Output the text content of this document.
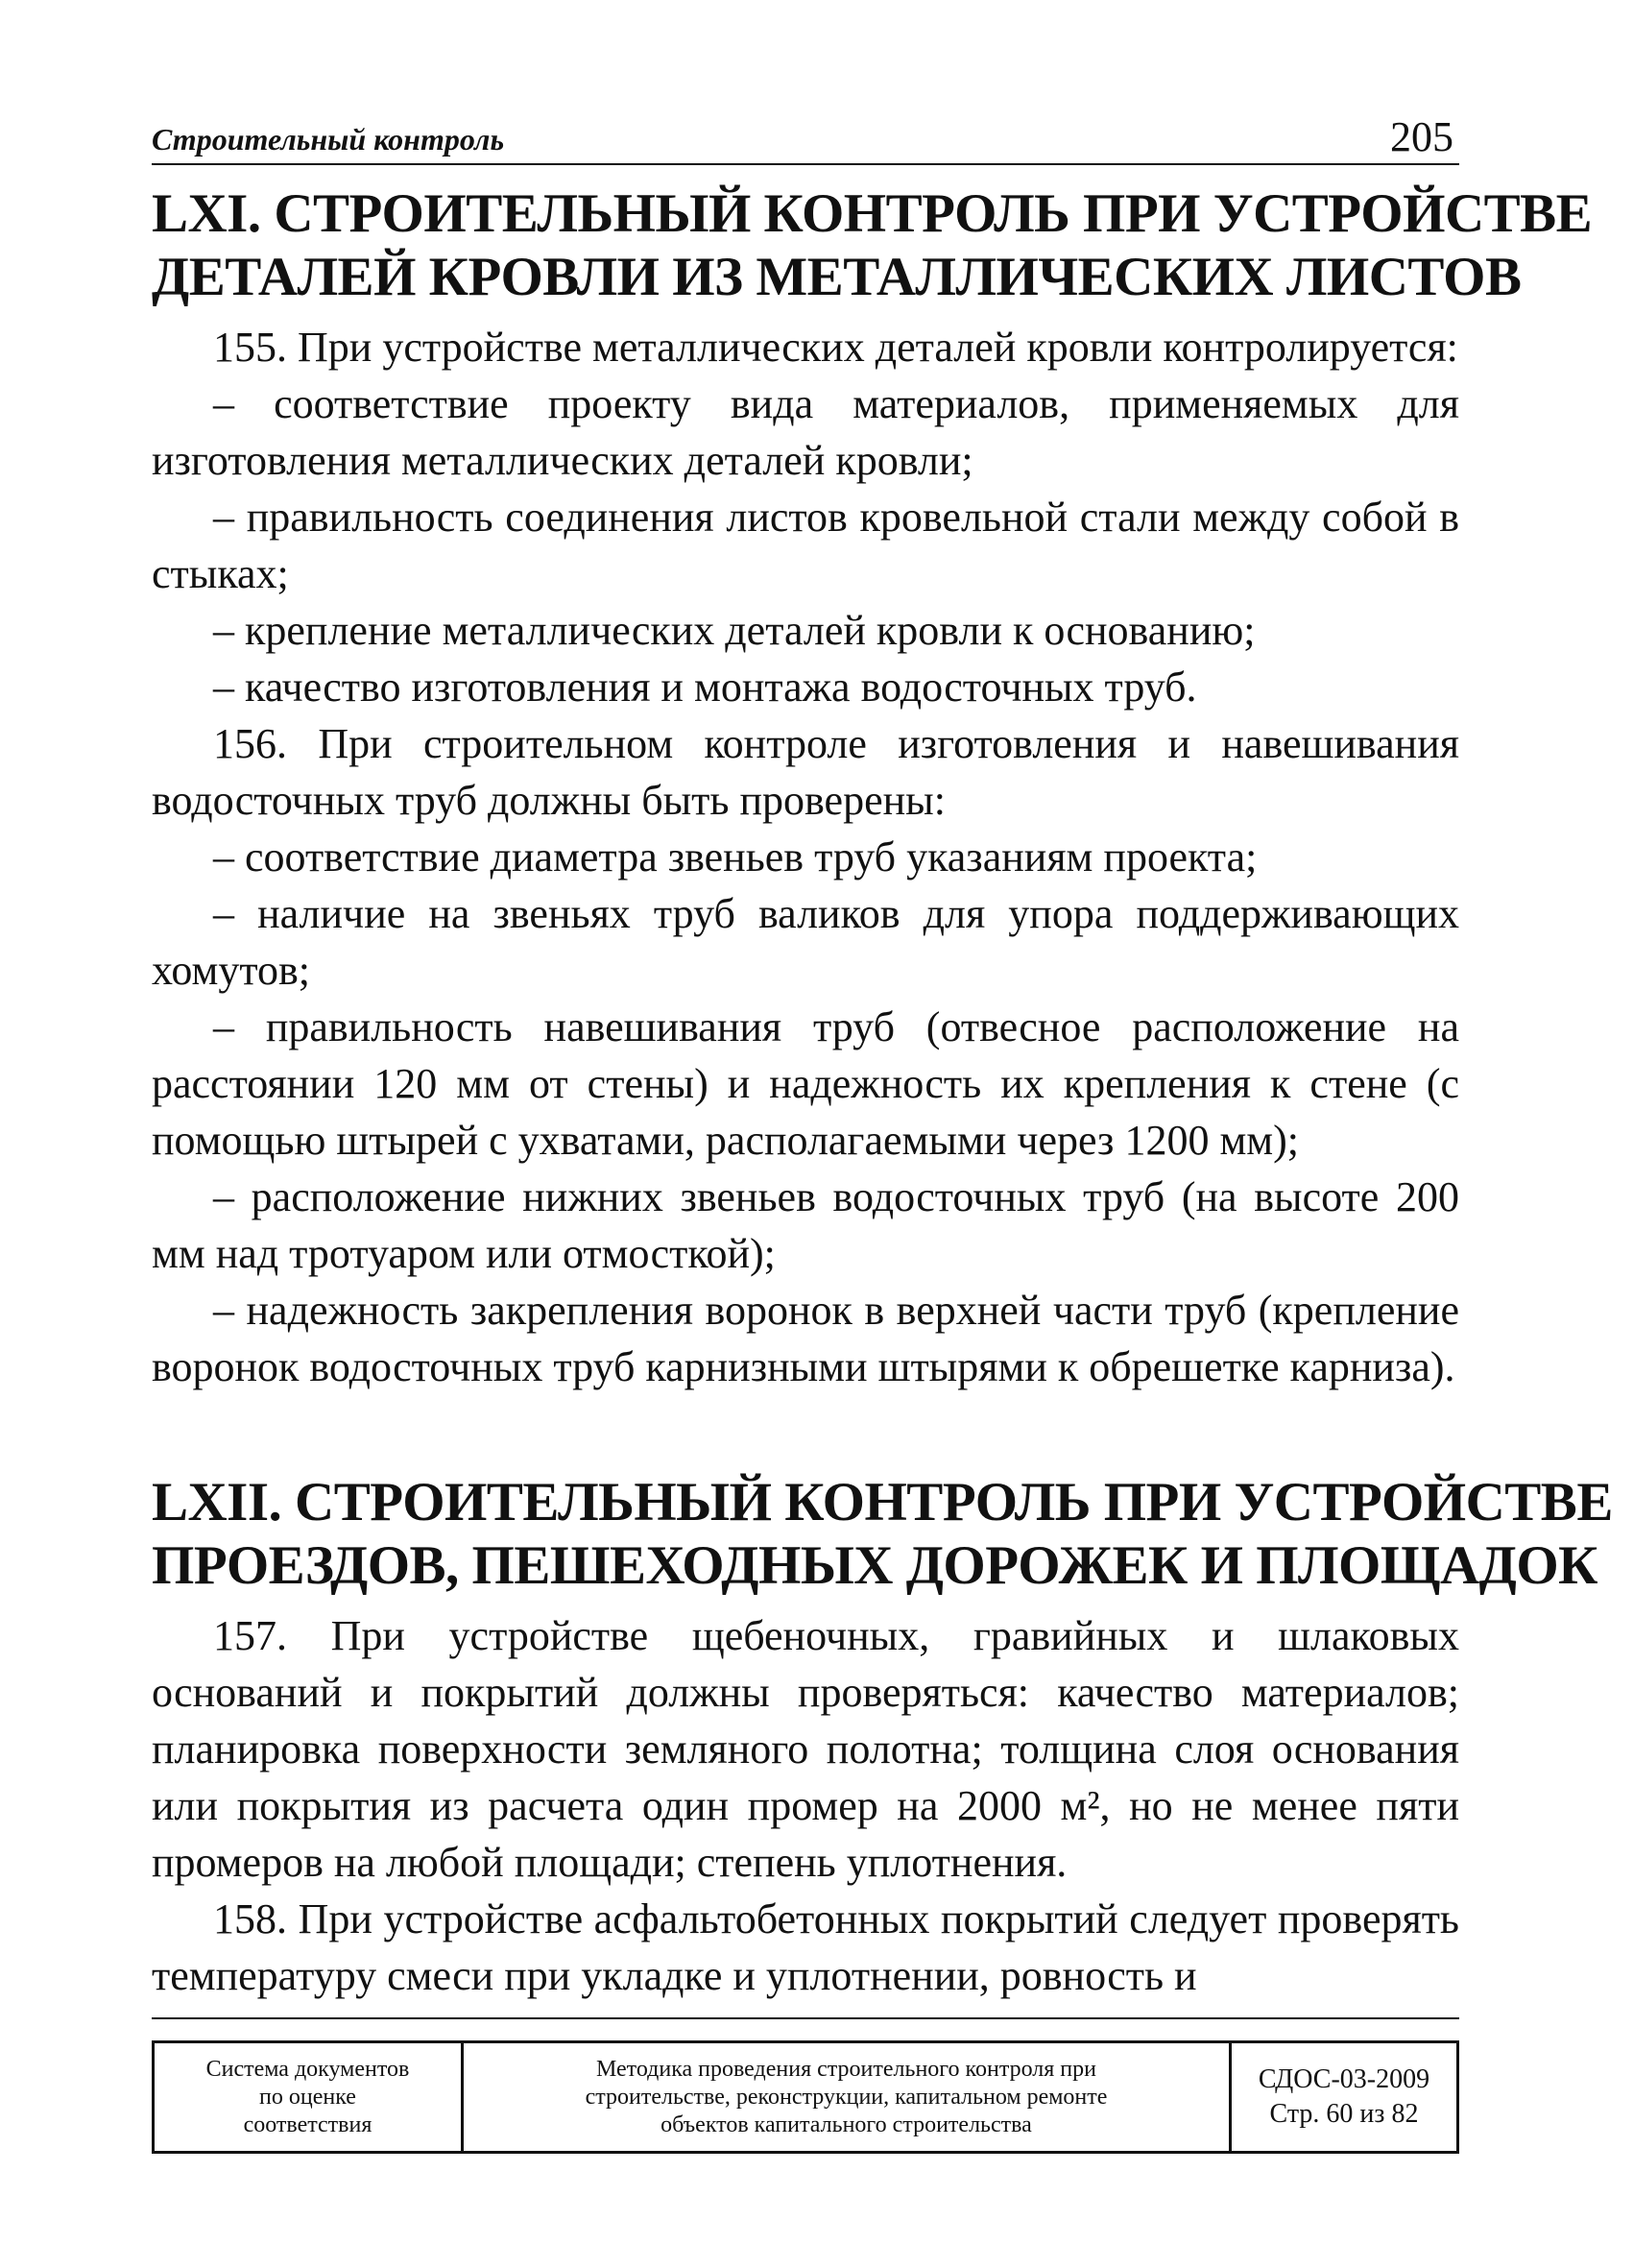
Строительный контроль	205
LXI. СТРОИТЕЛЬНЫЙ КОНТРОЛЬ ПРИ УСТРОЙСТВЕ
ДЕТАЛЕЙ КРОВЛИ ИЗ МЕТАЛЛИЧЕСКИХ ЛИСТОВ

155. При устройстве металлических деталей кровли контролируется:

– соответствие проекту вида материалов, применяемых для изготовления металлических деталей кровли;

– правильность соединения листов кровельной стали между собой в стыках;

– крепление металлических деталей кровли к основанию;

– качество изготовления и монтажа водосточных труб.

156. При строительном контроле изготовления и навешивания водосточных труб должны быть проверены:

– соответствие диаметра звеньев труб указаниям проекта;

– наличие на звеньях труб валиков для упора поддерживающих хомутов;

– правильность навешивания труб (отвесное расположение на расстоянии 120 мм от стены) и надежность их крепления к стене (с помощью штырей с ухватами, располагаемыми через 1200 мм);

– расположение нижних звеньев водосточных труб (на высоте 200 мм над тротуаром или отмосткой);

– надежность закрепления воронок в верхней части труб (крепление воронок водосточных труб карнизными штырями к обрешетке карниза).

LXII. СТРОИТЕЛЬНЫЙ КОНТРОЛЬ ПРИ УСТРОЙСТВЕ
ПРОЕЗДОВ, ПЕШЕХОДНЫХ ДОРОЖЕК И ПЛОЩАДОК

157. При устройстве щебеночных, гравийных и шлаковых оснований и покрытий должны проверяться: качество материалов; планировка поверхности земляного полотна; толщина слоя основания или покрытия из расчета один промер на 2000 м², но не менее пяти промеров на любой площади; степень уплотнения.

158. При устройстве асфальтобетонных покрытий следует проверять температуру смеси при укладке и уплотнении, ровность и

Система документов
по оценке
соответствия
Методика проведения строительного контроля при
строительстве, реконструкции, капитальном ремонте
объектов капитального строительства
СДОС-03-2009
Стр. 60 из 82
